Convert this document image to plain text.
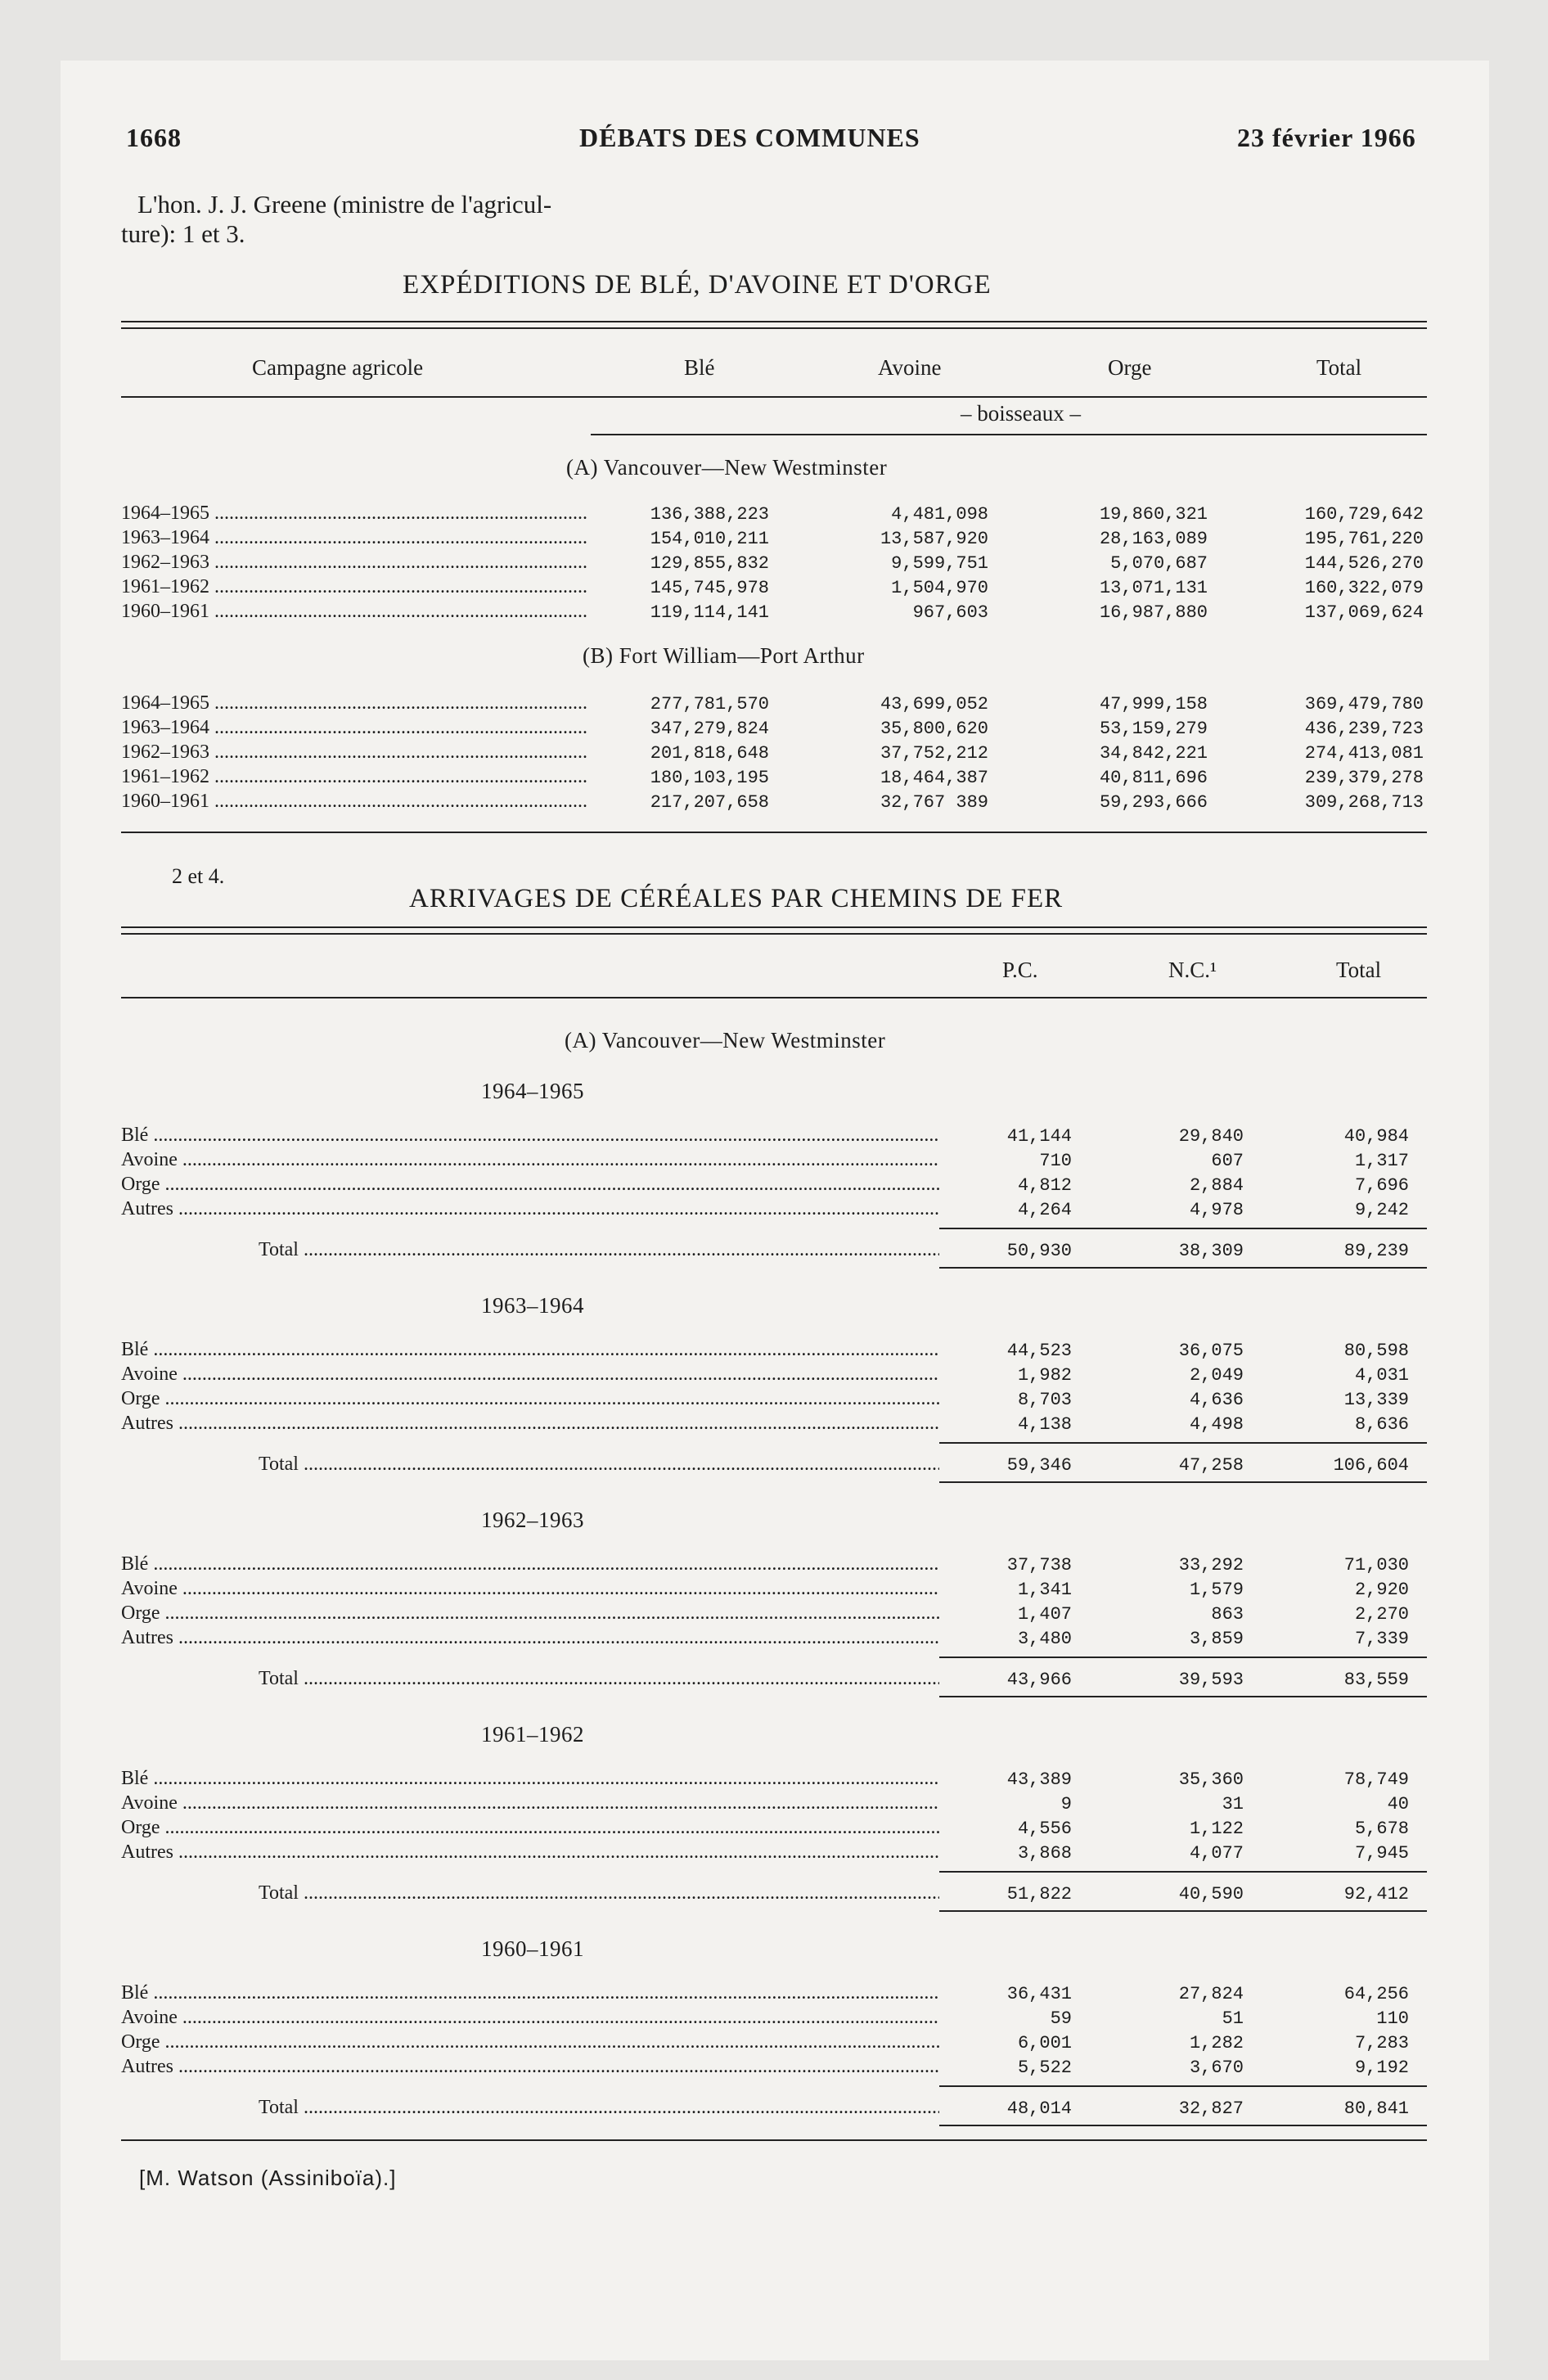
1668	DÉBATS DES COMMUNES	23 février 1966
L'hon. J. J. Greene (ministre de l'agricul-
ture): 1 et 3.
EXPÉDITIONS DE BLÉ, D'AVOINE ET D'ORGE
Campagne agricole	Blé	Avoine	Orge	Total
– boisseaux –
(A) Vancouver—New Westminster
1964–1965 .....	136,388,223	4,481,098	19,860,321	160,729,642
1963–1964 .....	154,010,211	13,587,920	28,163,089	195,761,220
1962–1963 .....	129,855,832	9,599,751	5,070,687	144,526,270
1961–1962 .....	145,745,978	1,504,970	13,071,131	160,322,079
1960–1961 .....	119,114,141	967,603	16,987,880	137,069,624
(B) Fort William—Port Arthur
1964–1965 .....	277,781,570	43,699,052	47,999,158	369,479,780
1963–1964 .....	347,279,824	35,800,620	53,159,279	436,239,723
1962–1963 .....	201,818,648	37,752,212	34,842,221	274,413,081
1961–1962 .....	180,103,195	18,464,387	40,811,696	239,379,278
1960–1961 .....	217,207,658	32,767 389	59,293,666	309,268,713
2 et 4.
ARRIVAGES DE CÉRÉALES PAR CHEMINS DE FER
P.C.	N.C.¹	Total
(A) Vancouver—New Westminster
1964–1965
Blé .....	41,144	29,840	40,984
Avoine .....	710	607	1,317
Orge .....	4,812	2,884	7,696
Autres .....	4,264	4,978	9,242
Total .....	50,930	38,309	89,239
1963–1964
Blé .....	44,523	36,075	80,598
Avoine .....	1,982	2,049	4,031
Orge .....	8,703	4,636	13,339
Autres .....	4,138	4,498	8,636
Total .....	59,346	47,258	106,604
1962–1963
Blé .....	37,738	33,292	71,030
Avoine .....	1,341	1,579	2,920
Orge .....	1,407	863	2,270
Autres .....	3,480	3,859	7,339
Total .....	43,966	39,593	83,559
1961–1962
Blé .....	43,389	35,360	78,749
Avoine .....	9	31	40
Orge .....	4,556	1,122	5,678
Autres .....	3,868	4,077	7,945
Total .....	51,822	40,590	92,412
1960–1961
Blé .....	36,431	27,824	64,256
Avoine .....	59	51	110
Orge .....	6,001	1,282	7,283
Autres .....	5,522	3,670	9,192
Total .....	48,014	32,827	80,841
[M. Watson (Assiniboïa).]
